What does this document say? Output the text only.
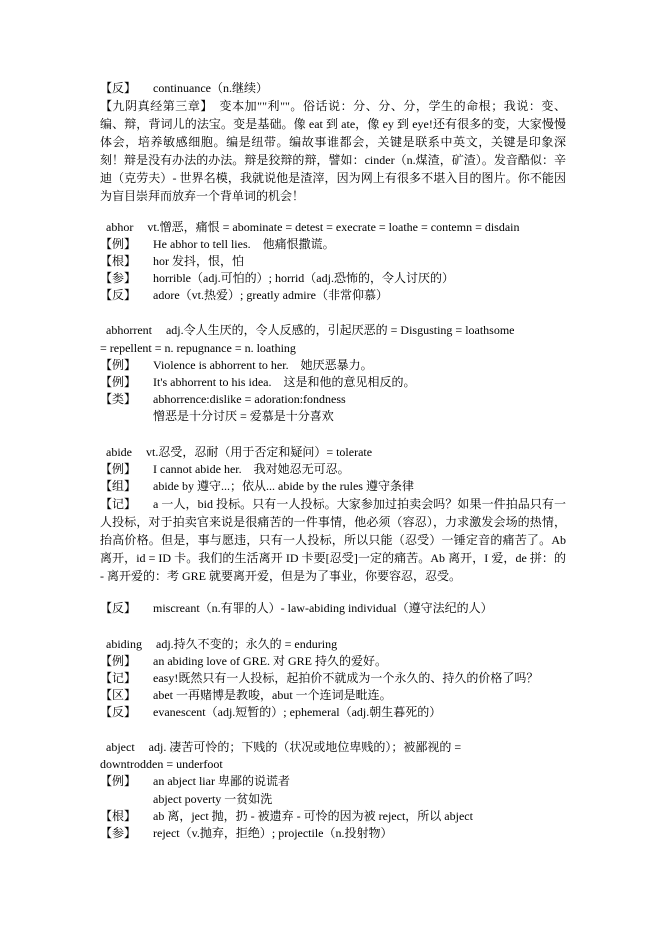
【反】 continuance（n.继续）
【九阴真经第三章】　变本加""利""。俗话说：分、分、分，学生的命根；我说：变、编、辩，背词儿的法宝。变是基础。像 eat 到 ate，像 ey 到 eye!还有很多的变，大家慢慢体会，培养敏感细胞。编是纽带。编故事谁都会，关键是联系中英文，关键是印象深刻！辩是没有办法的办法。辩是狡辩的辩，譬如：cinder（n.煤渣，矿渣）。发音酷似：辛迪（克劳夫）- 世界名模，我就说他是渣滓，因为网上有很多不堪入目的图片。你不能因为盲目崇拜而放弃一个背单词的机会！
abhor vt.憎恶，痛恨 = abominate = detest = execrate = loathe = contemn = disdain
【例】 He abhor to tell lies.　他痛恨撒谎。
【根】 hor 发抖，恨，怕
【参】 horrible（adj.可怕的）; horrid（adj.恐怖的，令人讨厌的）
【反】 adore（vt.热爱）; greatly admire（非常仰慕）
abhorrent adj.令人生厌的，令人反感的，引起厌恶的 = Disgusting = loathsome
= repellent = n. repugnance = n. loathing
【例】 Violence is abhorrent to her.　她厌恶暴力。
【例】 It's abhorrent to his idea.　这是和他的意见相反的。
【类】 abhorrence:dislike = adoration:fondness
憎恶是十分讨厌 = 爱慕是十分喜欢
abide vt.忍受，忍耐（用于否定和疑问）= tolerate
【例】 I cannot abide her.　我对她忍无可忍。
【组】 abide by 遵守...；依从... abide by the rules 遵守条律
【记】 a 一人，bid 投标。只有一人投标。大家参加过拍卖会吗？如果一件拍品只有一人投标，对于拍卖官来说是很痛苦的一件事情，他必须（容忍），力求激发会场的热情，抬高价格。但是，事与愿违，只有一人投标，所以只能（忍受）一锤定音的痛苦了。Ab 离开，id = ID 卡。我们的生活离开 ID 卡要[忍受]一定的痛苦。Ab 离开，I 爱，de 拼：的 - 离开爱的：考 GRE 就要离开爱，但是为了事业，你要容忍，忍受。
【反】 miscreant（n.有罪的人）- law-abiding individual（遵守法纪的人）
abiding adj.持久不变的；永久的 = enduring
【例】 an abiding love of GRE. 对 GRE 持久的爱好。
【记】 easy!既然只有一人投标，起拍价不就成为一个永久的、持久的价格了吗？
【区】 abet 一再赌博是教唆，abut 一个连词是毗连。
【反】 evanescent（adj.短暂的）; ephemeral（adj.朝生暮死的）
abject adj. 凄苦可怜的；下贱的（状况或地位卑贱的）；被鄙视的 =
downtrodden = underfoot
【例】 an abject liar 卑鄙的说谎者
abject poverty 一贫如洗
【根】 ab 离，ject 抛，扔 - 被遗弃 - 可怜的因为被 reject，所以 abject
【参】 reject（v.抛弃，拒绝）; projectile（n.投射物）
